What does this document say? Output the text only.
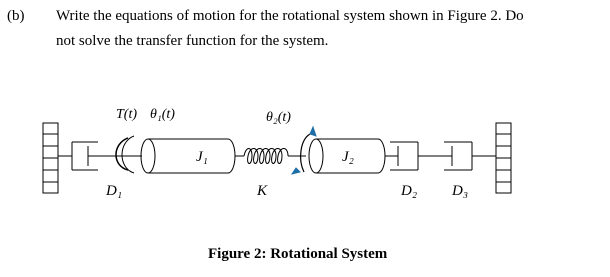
(b) Write the equations of motion for the rotational system shown in Figure 2. Do
not solve the transfer function for the system.
T(t) θ₁(t)	θ₂(t)
J₁	J₂
D₁	K	D₂ D₃
Figure 2: Rotational System
